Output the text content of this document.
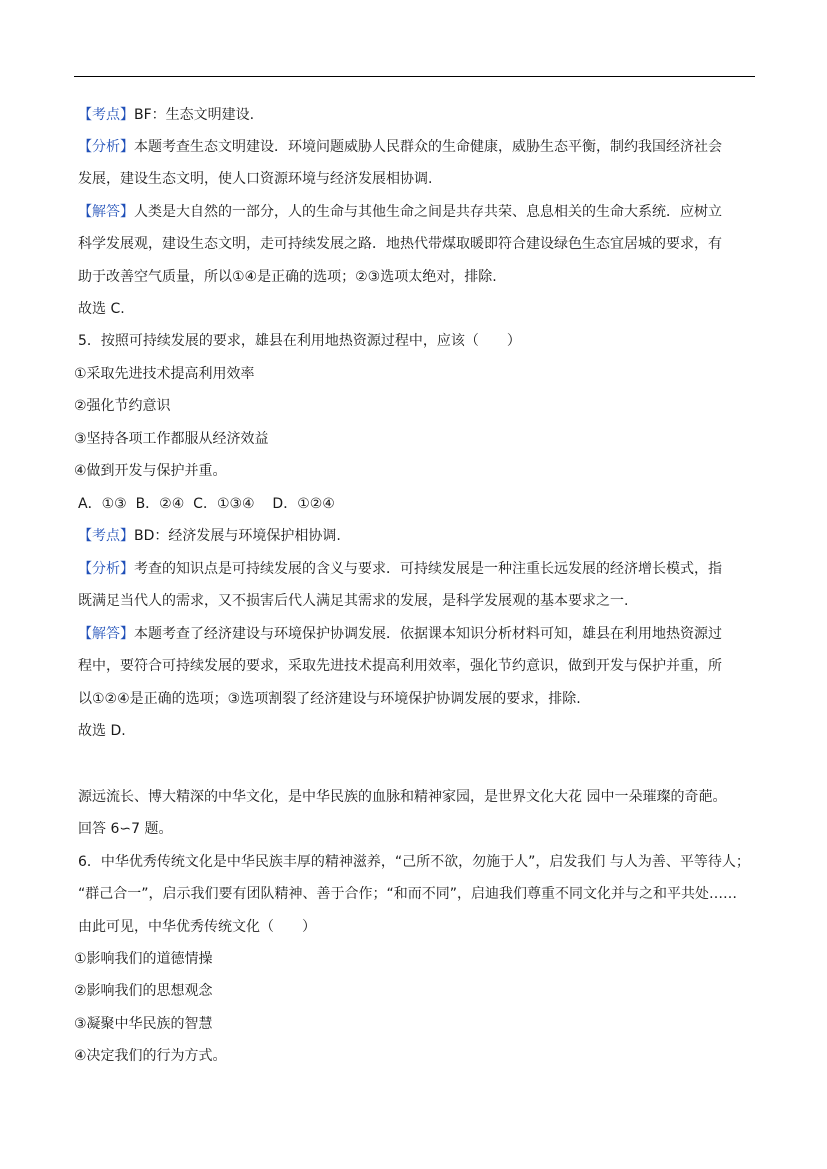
【考点】BF：生态文明建设.
【分析】本题考查生态文明建设．环境问题威胁人民群众的生命健康，威胁生态平衡，制约我国经济社会
发展，建设生态文明，使人口资源环境与经济发展相协调.
【解答】人类是大自然的一部分，人的生命与其他生命之间是共存共荣、息息相关的生命大系统．应树立
科学发展观，建设生态文明，走可持续发展之路．地热代带煤取暖即符合建设绿色生态宜居城的要求，有
助于改善空气质量，所以①④是正确的选项；②③选项太绝对，排除.
故选 C.
5．按照可持续发展的要求，雄县在利用地热资源过程中，应该（　　）
①采取先进技术提高利用效率
②强化节约意识
③坚持各项工作都服从经济效益
④做到开发与保护并重。
A．①③  B．②④  C．①③④    D．①②④
【考点】BD：经济发展与环境保护相协调.
【分析】考查的知识点是可持续发展的含义与要求．可持续发展是一种注重长远发展的经济增长模式，指
既满足当代人的需求，又不损害后代人满足其需求的发展，是科学发展观的基本要求之一.
【解答】本题考查了经济建设与环境保护协调发展．依据课本知识分析材料可知，雄县在利用地热资源过
程中，要符合可持续发展的要求，采取先进技术提高利用效率，强化节约意识，做到开发与保护并重，所
以①②④是正确的选项；③选项割裂了经济建设与环境保护协调发展的要求，排除.
故选 D.
源远流长、博大精深的中华文化，是中华民族的血脉和精神家园，是世界文化大花 园中一朵璀璨的奇葩。
回答 6∽7 题。
6．中华优秀传统文化是中华民族丰厚的精神滋养，“己所不欲，勿施于人”，启发我们 与人为善、平等待人；
“群己合一”，启示我们要有团队精神、善于合作；“和而不同”，启迪我们尊重不同文化并与之和平共处……
由此可见，中华优秀传统文化（　　）
①影响我们的道德情操
②影响我们的思想观念
③凝聚中华民族的智慧
④决定我们的行为方式。
